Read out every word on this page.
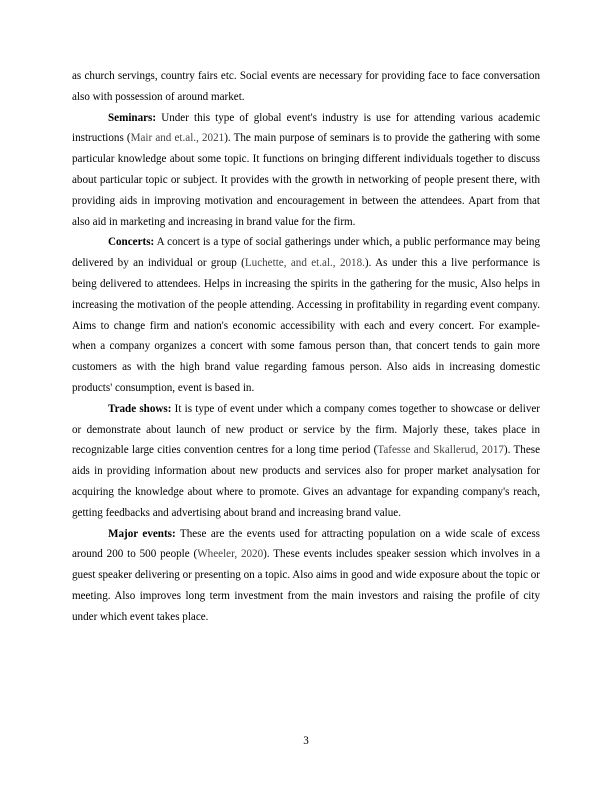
as church servings, country fairs etc. Social events are necessary for providing face to face conversation also with possession of around market.

Seminars: Under this type of global event's industry is use for attending various academic instructions (Mair and et.al., 2021). The main purpose of seminars is to provide the gathering with some particular knowledge about some topic. It functions on bringing different individuals together to discuss about particular topic or subject. It provides with the growth in networking of people present there, with providing aids in improving motivation and encouragement in between the attendees. Apart from that also aid in marketing and increasing in brand value for the firm.

Concerts: A concert is a type of social gatherings under which, a public performance may being delivered by an individual or group (Luchette, and et.al., 2018.). As under this a live performance is being delivered to attendees. Helps in increasing the spirits in the gathering for the music, Also helps in increasing the motivation of the people attending. Accessing in profitability in regarding event company. Aims to change firm and nation's economic accessibility with each and every concert. For example- when a company organizes a concert with some famous person than, that concert tends to gain more customers as with the high brand value regarding famous person. Also aids in increasing domestic products' consumption, event is based in.

Trade shows: It is type of event under which a company comes together to showcase or deliver or demonstrate about launch of new product or service by the firm. Majorly these, takes place in recognizable large cities convention centres for a long time period (Tafesse and Skallerud, 2017). These aids in providing information about new products and services also for proper market analysation for acquiring the knowledge about where to promote. Gives an advantage for expanding company's reach, getting feedbacks and advertising about brand and increasing brand value.

Major events: These are the events used for attracting population on a wide scale of excess around 200 to 500 people (Wheeler, 2020). These events includes speaker session which involves in a guest speaker delivering or presenting on a topic. Also aims in good and wide exposure about the topic or meeting. Also improves long term investment from the main investors and raising the profile of city under which event takes place.

3
